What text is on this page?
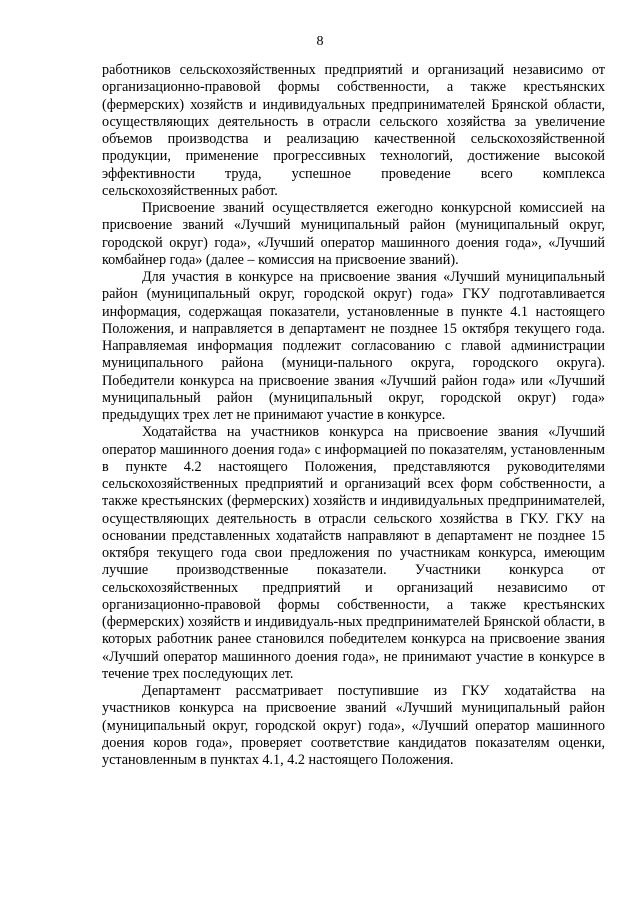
8

работников сельскохозяйственных предприятий и организаций независимо от организационно-правовой формы собственности, а также крестьянских (фермерских) хозяйств и индивидуальных предпринимателей Брянской области, осуществляющих деятельность в отрасли сельского хозяйства за увеличение объемов производства и реализацию качественной сельскохозяйственной продукции, применение прогрессивных технологий, достижение высокой эффективности труда, успешное проведение всего комплекса сельскохозяйственных работ.

Присвоение званий осуществляется ежегодно конкурсной комиссией на присвоение званий «Лучший муниципальный район (муниципальный округ, городской округ) года», «Лучший оператор машинного доения года», «Лучший комбайнер года» (далее – комиссия на присвоение званий).

Для участия в конкурсе на присвоение звания «Лучший муниципальный район (муниципальный округ, городской округ) года» ГКУ подготавливается информация, содержащая показатели, установленные в пункте 4.1 настоящего Положения, и направляется в департамент не позднее 15 октября текущего года. Направляемая информация подлежит согласованию с главой администрации муниципального района (муници-пального округа, городского округа). Победители конкурса на присвоение звания «Лучший район года» или «Лучший муниципальный район (муниципальный округ, городской округ) года» предыдущих трех лет не принимают участие в конкурсе.

Ходатайства на участников конкурса на присвоение звания «Лучший оператор машинного доения года» с информацией по показателям, установленным в пункте 4.2 настоящего Положения, представляются руководителями сельскохозяйственных предприятий и организаций всех форм собственности, а также крестьянских (фермерских) хозяйств и индивидуальных предпринимателей, осуществляющих деятельность в отрасли сельского хозяйства в ГКУ. ГКУ на основании представленных ходатайств направляют в департамент не позднее 15 октября текущего года свои предложения по участникам конкурса, имеющим лучшие производственные показатели. Участники конкурса от сельскохозяйственных предприятий и организаций независимо от организационно-правовой формы собственности, а также крестьянских (фермерских) хозяйств и индивидуаль-ных предпринимателей Брянской области, в которых работник ранее становился победителем конкурса на присвоение звания «Лучший оператор машинного доения года», не принимают участие в конкурсе в течение трех последующих лет.

Департамент рассматривает поступившие из ГКУ ходатайства на участников конкурса на присвоение званий «Лучший муниципальный район (муниципальный округ, городской округ) года», «Лучший оператор машинного доения коров года», проверяет соответствие кандидатов показателям оценки, установленным в пунктах 4.1, 4.2 настоящего Положения.
